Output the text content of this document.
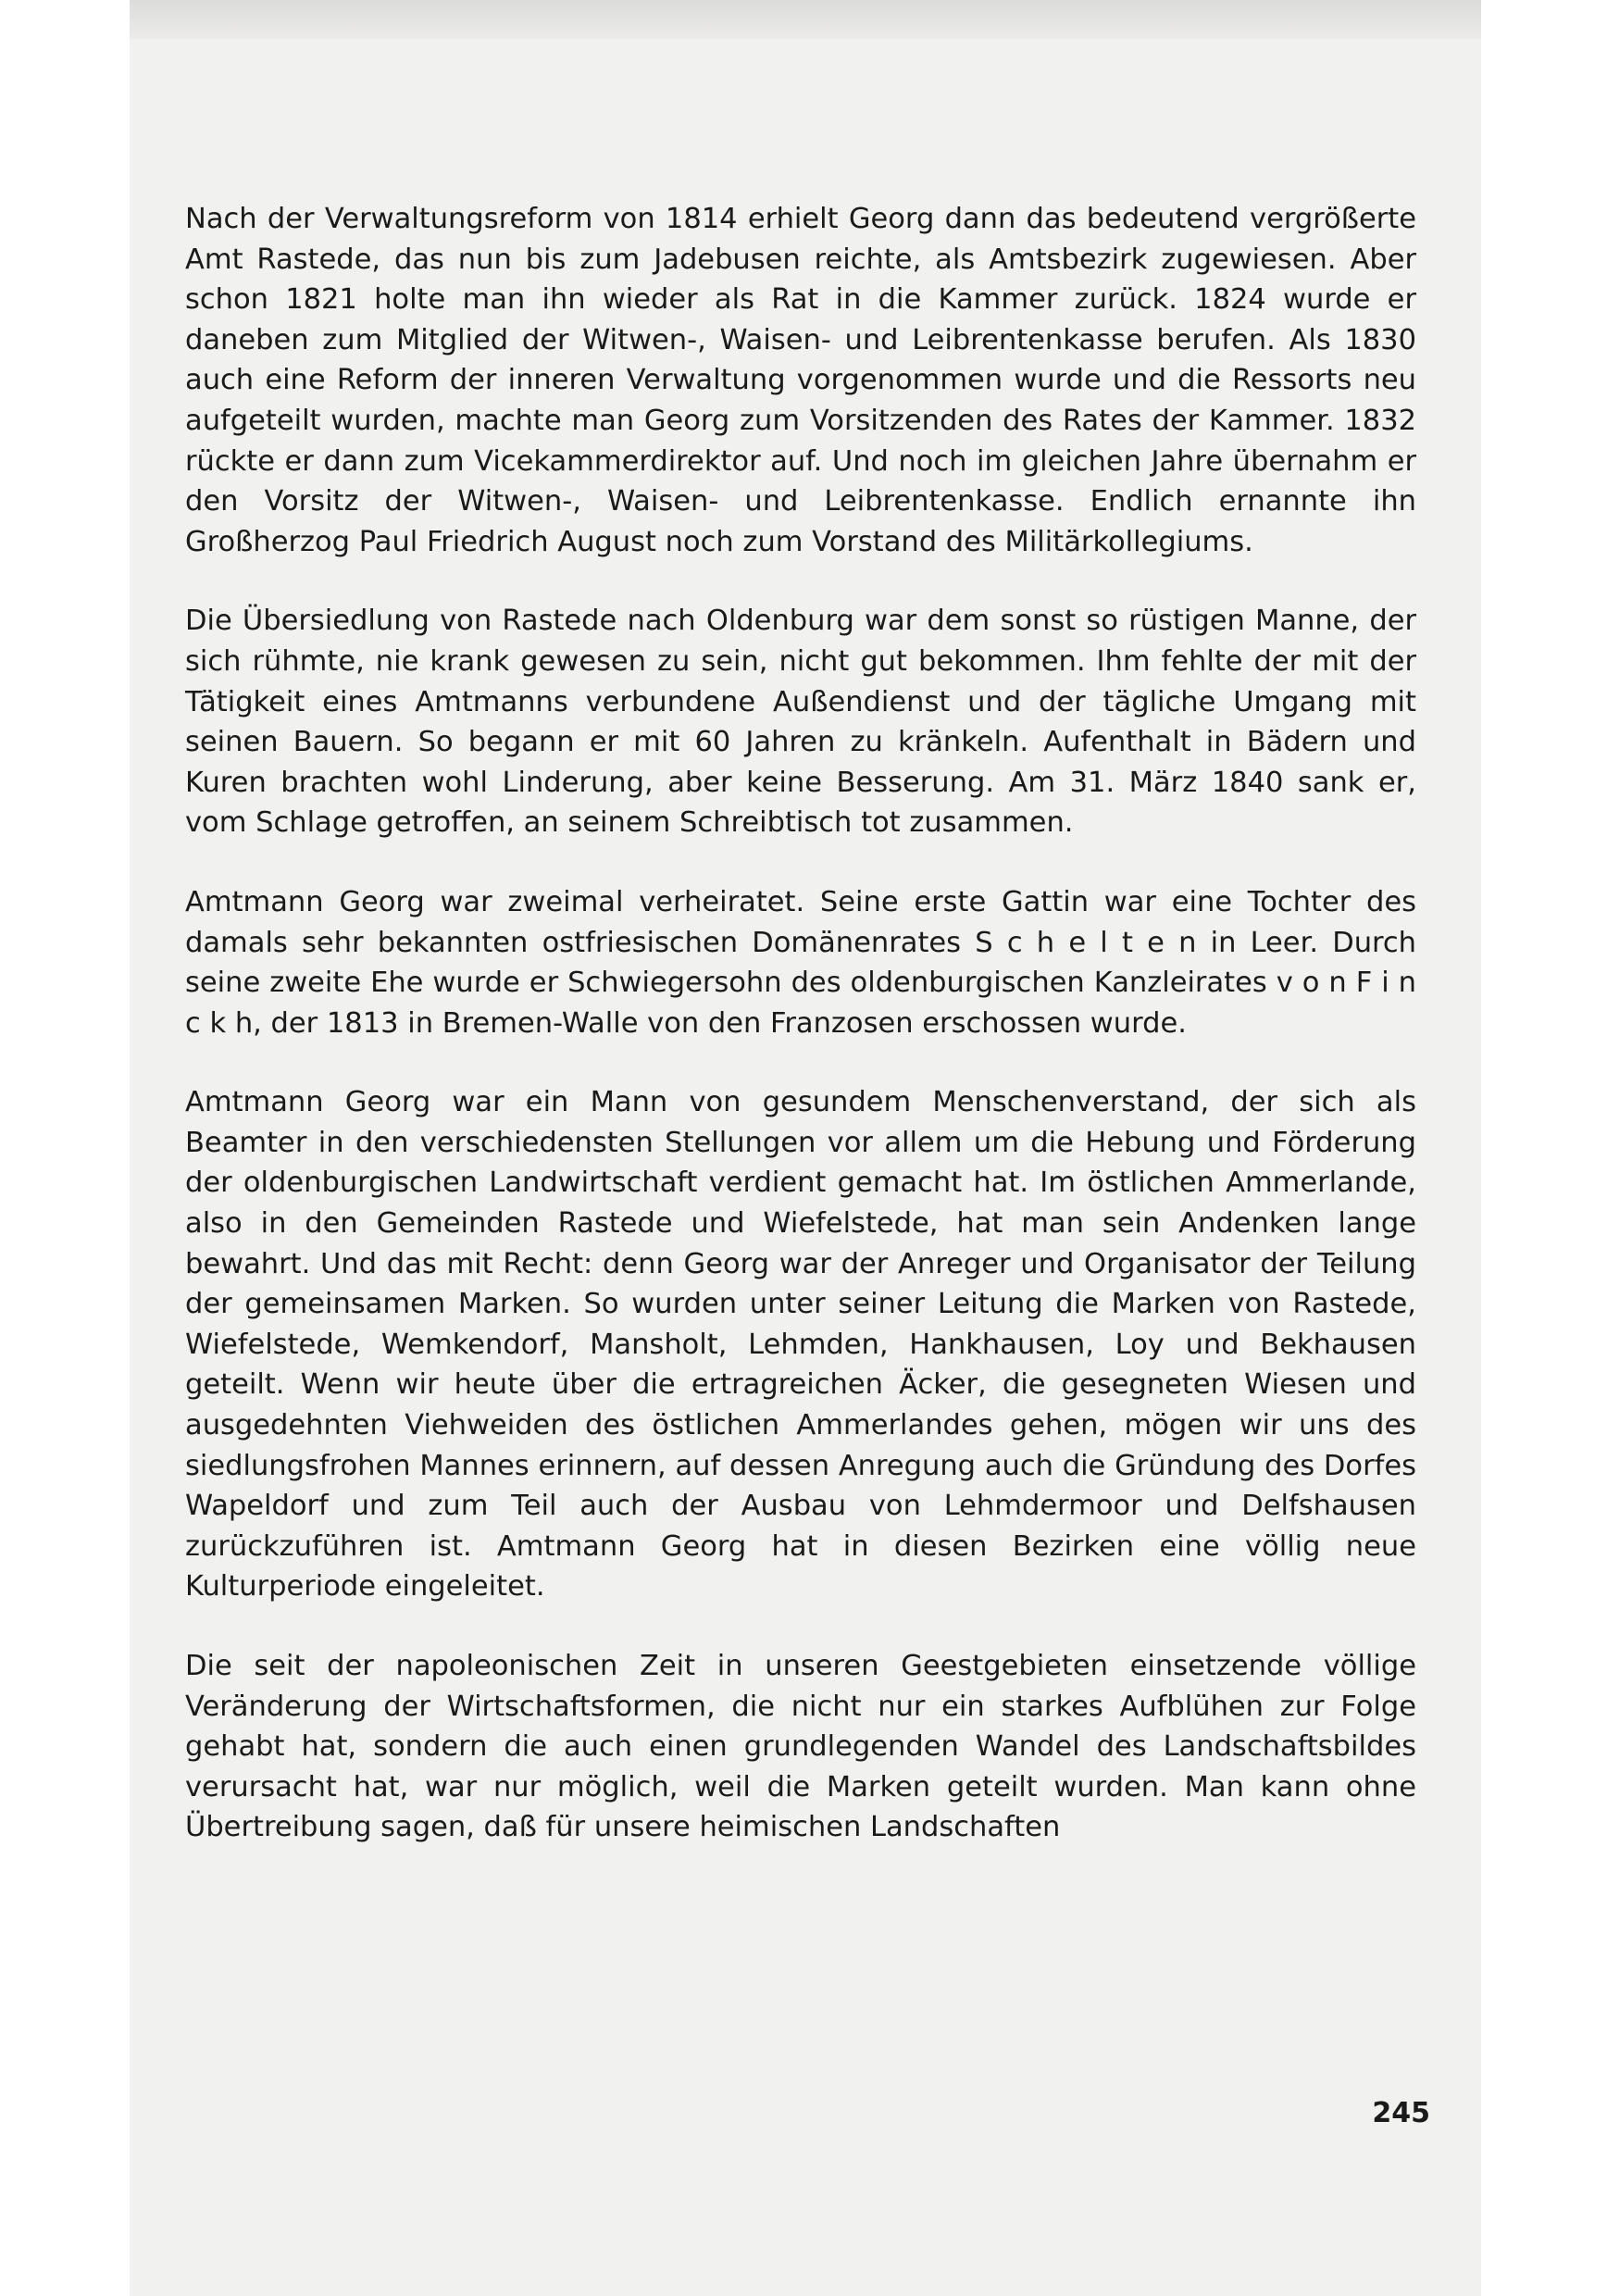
Nach der Verwaltungsreform von 1814 erhielt Georg dann das bedeutend vergrößerte Amt Rastede, das nun bis zum Jadebusen reichte, als Amtsbezirk zugewiesen. Aber schon 1821 holte man ihn wieder als Rat in die Kammer zurück. 1824 wurde er daneben zum Mitglied der Witwen-, Waisen- und Leibrentenkasse berufen. Als 1830 auch eine Reform der inneren Verwaltung vorgenommen wurde und die Ressorts neu aufgeteilt wurden, machte man Georg zum Vorsitzenden des Rates der Kammer. 1832 rückte er dann zum Vicekammerdirektor auf. Und noch im gleichen Jahre übernahm er den Vorsitz der Witwen-, Waisen- und Leibrentenkasse. Endlich ernannte ihn Großherzog Paul Friedrich August noch zum Vorstand des Militärkollegiums.

Die Übersiedlung von Rastede nach Oldenburg war dem sonst so rüstigen Manne, der sich rühmte, nie krank gewesen zu sein, nicht gut bekommen. Ihm fehlte der mit der Tätigkeit eines Amtmanns verbundene Außendienst und der tägliche Umgang mit seinen Bauern. So begann er mit 60 Jahren zu kränkeln. Aufenthalt in Bädern und Kuren brachten wohl Linderung, aber keine Besserung. Am 31. März 1840 sank er, vom Schlage getroffen, an seinem Schreibtisch tot zusammen.

Amtmann Georg war zweimal verheiratet. Seine erste Gattin war eine Tochter des damals sehr bekannten ostfriesischen Domänenrates S c h e l t e n in Leer. Durch seine zweite Ehe wurde er Schwiegersohn des oldenburgischen Kanzleirates v o n F i n c k h, der 1813 in Bremen-Walle von den Franzosen erschossen wurde.

Amtmann Georg war ein Mann von gesundem Menschenverstand, der sich als Beamter in den verschiedensten Stellungen vor allem um die Hebung und Förderung der oldenburgischen Landwirtschaft verdient gemacht hat. Im östlichen Ammerlande, also in den Gemeinden Rastede und Wiefelstede, hat man sein Andenken lange bewahrt. Und das mit Recht: denn Georg war der Anreger und Organisator der Teilung der gemeinsamen Marken. So wurden unter seiner Leitung die Marken von Rastede, Wiefelstede, Wemkendorf, Mansholt, Lehmden, Hankhausen, Loy und Bekhausen geteilt. Wenn wir heute über die ertragreichen Äcker, die gesegneten Wiesen und ausgedehnten Viehweiden des östlichen Ammerlandes gehen, mögen wir uns des siedlungsfrohen Mannes erinnern, auf dessen Anregung auch die Gründung des Dorfes Wapeldorf und zum Teil auch der Ausbau von Lehmdermoor und Delfshausen zurückzuführen ist. Amtmann Georg hat in diesen Bezirken eine völlig neue Kulturperiode eingeleitet.

Die seit der napoleonischen Zeit in unseren Geestgebieten einsetzende völlige Veränderung der Wirtschaftsformen, die nicht nur ein starkes Aufblühen zur Folge gehabt hat, sondern die auch einen grundlegenden Wandel des Landschaftsbildes verursacht hat, war nur möglich, weil die Marken geteilt wurden. Man kann ohne Übertreibung sagen, daß für unsere heimischen Landschaften

245
